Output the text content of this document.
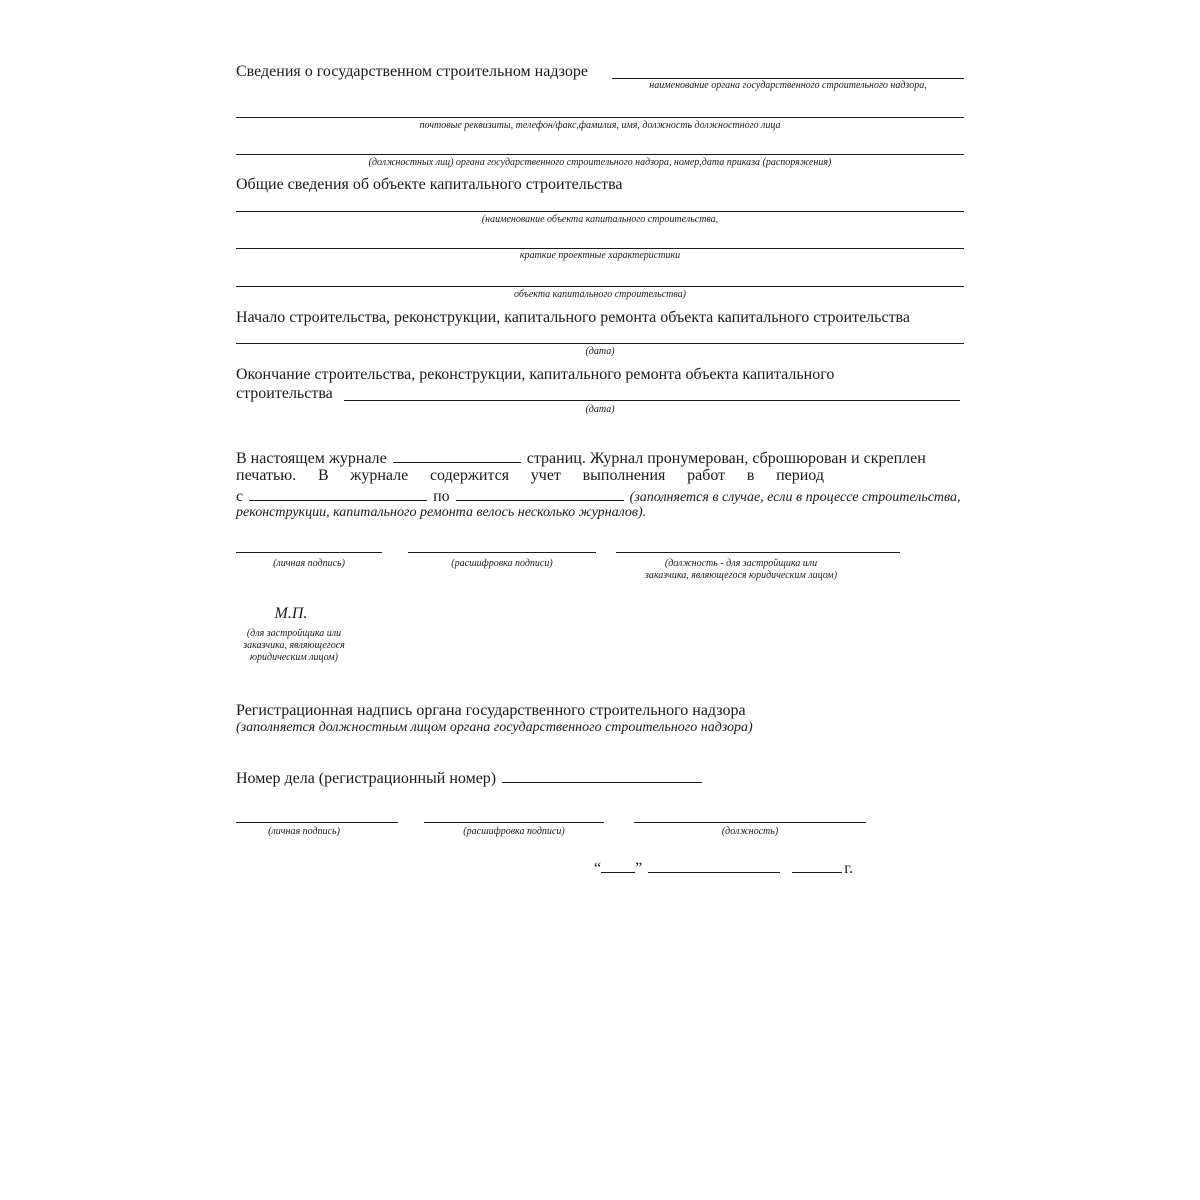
Сведения о государственном строительном надзоре
наименование органа государственного строительного надзора,
почтовые реквизиты, телефон/факс,фамилия, имя, должность должностного лица
(должностных лиц) органа государственного строительного надзора, номер,дата приказа (распоряжения)
Общие сведения об объекте капитального строительства
(наименование объекта капитального строительства,
краткие проектные характеристики
объекта капитального строительства)
Начало строительства, реконструкции, капитального ремонта объекта капитального строительства
(дата)
Окончание строительства, реконструкции, капитального ремонта объекта капитального
строительства
(дата)
В настоящем журнале	страниц. Журнал пронумерован, сброшюрован и скреплен
печатью. В журнале содержится учет выполнения работ в период
с	по	(заполняется в случае, если в процессе строительства,
реконструкции, капитального ремонта велось несколько журналов).
(личная подпись)	(расшифровка подписи)	(должность - для застройщика или
заказчика, являющегося юридическим лицом)
М.П.
(для застройщика или
заказчика, являющегося
юридическим лицом)
Регистрационная надпись органа государственного строительного надзора
(заполняется должностным лицом органа государственного строительного надзора)
Номер дела (регистрационный номер)
(личная подпись)	(расшифровка подписи)	(должность)
“ ”	г.
